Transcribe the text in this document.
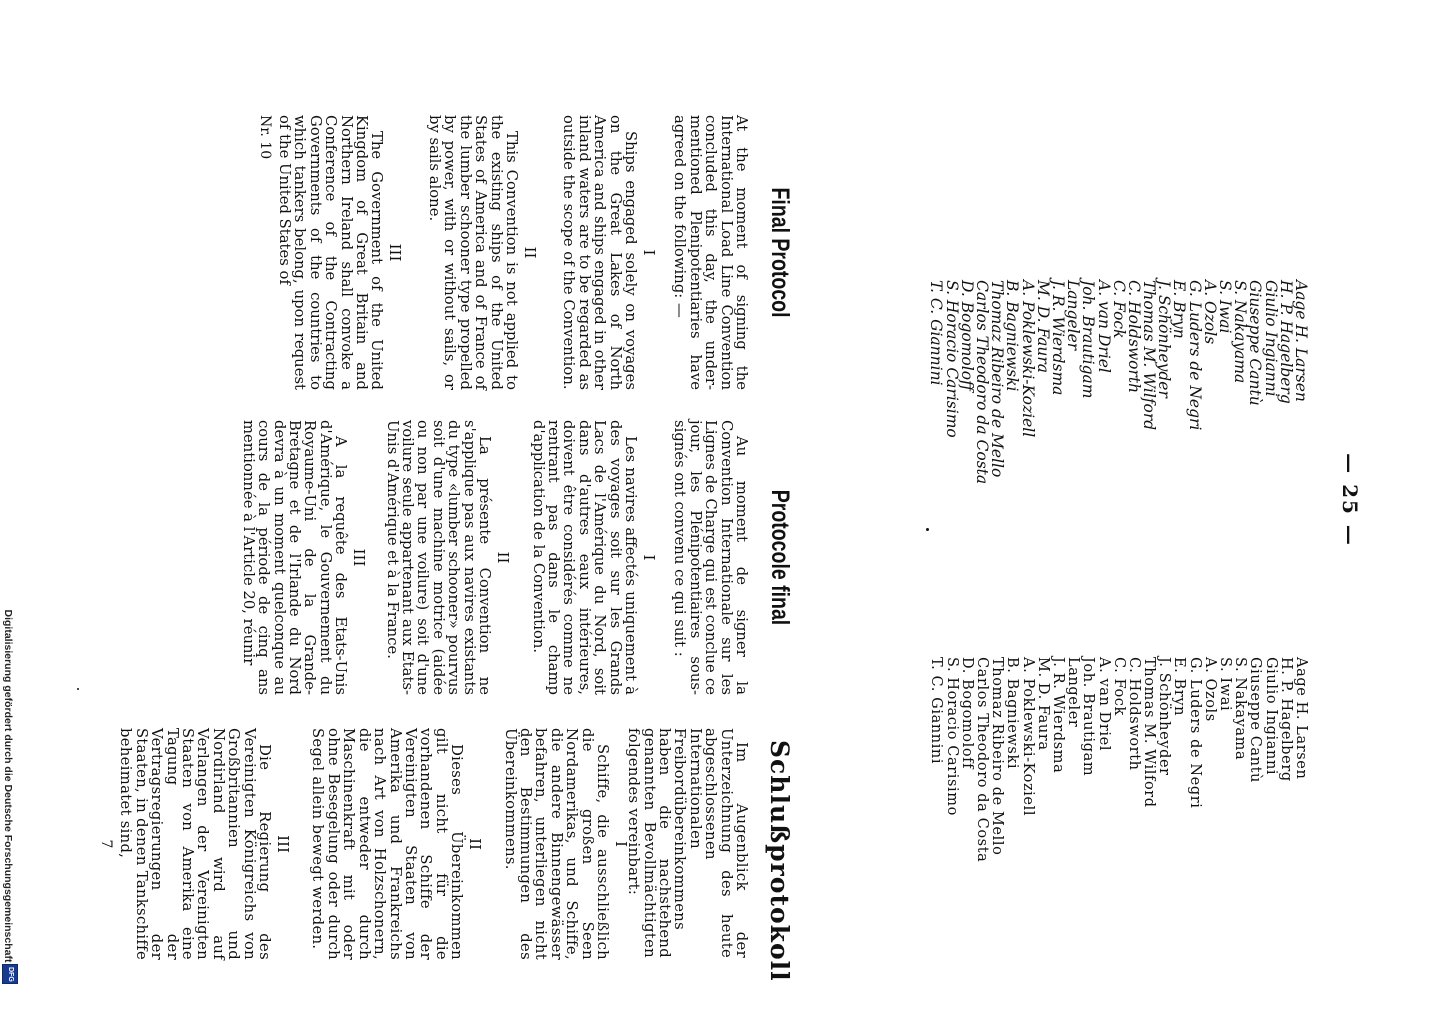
— 25 —
Aage H. Larsen
H. P. Hagelberg
Giulio Ingianni
Giuseppe Cantù
S. Nakayama
S. Iwai
A. Ozols
G. Luders de Negri
E. Bryn
J. Schönheyder
Thomas M. Wilford
C. Holdsworth
C. Fock
A. van Driel
Joh. Brautigam
Langeler
J. R. Wierdsma
M. D. Faura
A. Poklewski-Koziell
B. Bagniewski
Thomaz Ribeiro de Mello
Carlos Theodoro da Costa
D. Bogomoloff
S. Horacio Carisimo
T. C. Giannini
Aage H. Larsen
H. P. Hagelberg
Giulio Ingianni
Giuseppe Cantù
S. Nakayama
S. Iwai
A. Ozols
G. Luders de Negri
E. Bryn
J. Schönheyder
Thomas M. Wilford
C. Holdsworth
C. Fock
A. van Driel
Joh. Brautigam
Langeler
J. R. Wierdsma
M. D. Faura
A. Poklewski-Koziell
B. Bagniewski
Thomaz Ribeiro de Mello
Carlos Theodoro da Costa
D. Bogomoloff
S. Horacio Carisimo
T. C. Giannini
Final Protocol
At the moment of signing the International Load Line Convention concluded this day, the under-mentioned Plenipotentiaries have agreed on the following: —
I
Ships engaged solely on voyages on the Great Lakes of North America and ships engaged in other inland waters are to be regarded as outside the scope of the Convention.
II
This Convention is not applied to the existing ships of the United States of America and of France of the lumber schooner type propelled by power, with or without sails, or by sails alone.
III
The Government of the United Kingdom of Great Britain and Northern Ireland shall convoke a Conference of the Contracting Governments of the countries to which tankers belong, upon request of the United States of
Nr. 10
Protocole final
Au moment de signer la Convention Internationale sur les Lignes de Charge qui est conclue ce jour, les Plénipotentiaires sous-signés ont convenu ce qui suit :
I
Les navires affectés uniquement à des voyages soit sur les Grands Lacs de l'Amérique du Nord, soit dans d'autres eaux intérieures, doivent être considérés comme ne rentrant pas dans le champ d'application de la Convention.
II
La présente Convention ne s'applique pas aux navires existants du type «lumber schooner» pourvus soit d'une machine motrice (aidée ou non par une voilure) soit d'une voilure seule appartenant aux Etats-Unis d'Amérique et à la France.
III
A la requête des Etats-Unis d'Amérique, le Gouvernement du Royaume-Uni de la Grande-Bretagne et de l'Irlande du Nord devra à un moment quelconque au cours de la période de cinq ans mentionnée à l'Article 20, réunir
Schlußprotokoll
Im Augenblick der Unterzeichnung des heute abgeschlossenen Internationalen Freibordübereinkommens haben die nachstehend genannten Bevollmächtigten folgendes vereinbart:
I
Schiffe, die ausschließlich die großen Seen Nordamerikas, und Schiffe, die andere Binnengewässer befahren, unterliegen nicht den Bestimmungen des Übereinkommens.
II
Dieses Übereinkommen gilt nicht für die vorhandenen Schiffe der Vereinigten Staaten von Amerika und Frankreichs nach Art von Holzschonern, die entweder durch Maschinenkraft mit oder ohne Besegelung oder durch Segel allein bewegt werden.
III
Die Regierung des Vereinigten Königreichs von Großbritannien und Nordirland wird auf Verlangen der Vereinigten Staaten von Amerika eine Tagung der Vertragsregierungen der Staaten, in denen Tankschiffe beheimatet sind,
7
Digitalisierung gefördert durch die Deutsche Forschungsgemeinschaft
DFG
